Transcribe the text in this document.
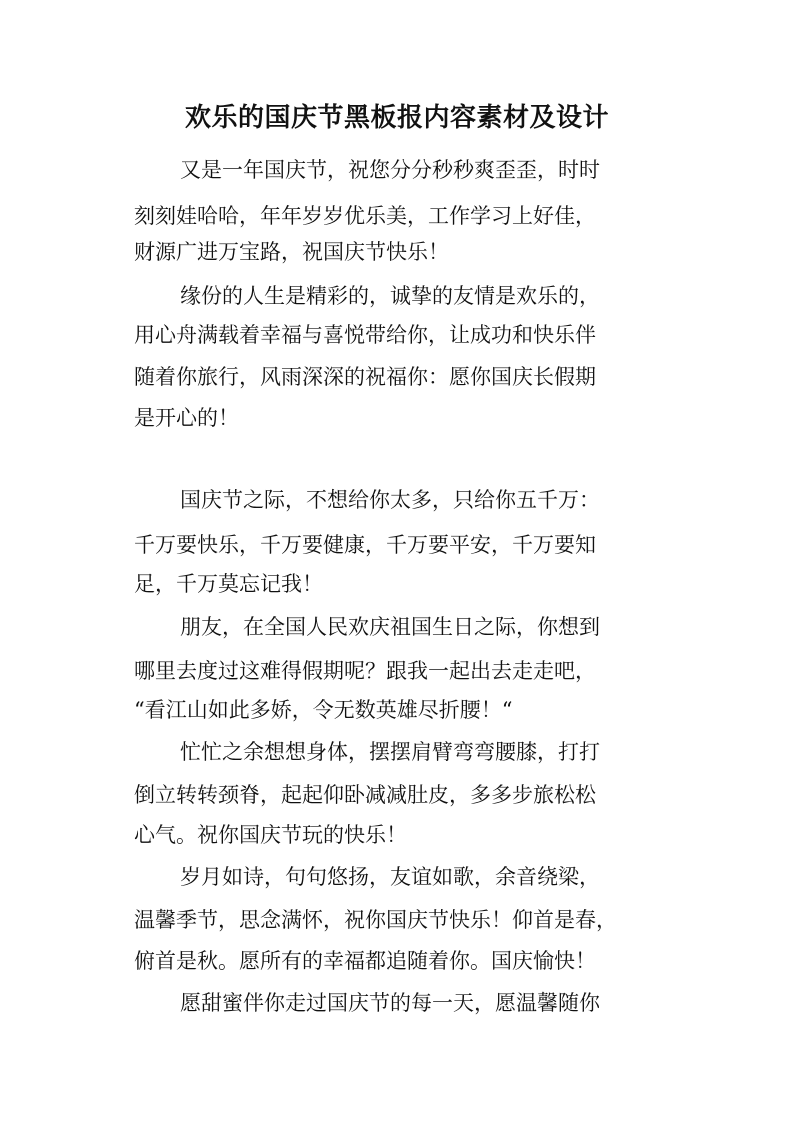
欢乐的国庆节黑板报内容素材及设计

又是一年国庆节，祝您分分秒秒爽歪歪，时时

刻刻娃哈哈，年年岁岁优乐美，工作学习上好佳，

财源广进万宝路，祝国庆节快乐！

缘份的人生是精彩的，诚挚的友情是欢乐的，

用心舟满载着幸福与喜悦带给你，让成功和快乐伴

随着你旅行，风雨深深的祝福你：愿你国庆长假期

是开心的！

国庆节之际，不想给你太多，只给你五千万：

千万要快乐，千万要健康，千万要平安，千万要知

足，千万莫忘记我！

朋友，在全国人民欢庆祖国生日之际，你想到

哪里去度过这难得假期呢？跟我一起出去走走吧，

“看江山如此多娇，令无数英雄尽折腰！“

忙忙之余想想身体，摆摆肩臂弯弯腰膝，打打

倒立转转颈脊，起起仰卧减减肚皮，多多步旅松松

心气。祝你国庆节玩的快乐！

岁月如诗，句句悠扬，友谊如歌，余音绕梁，

温馨季节，思念满怀，祝你国庆节快乐！仰首是春，

俯首是秋。愿所有的幸福都追随着你。国庆愉快！

愿甜蜜伴你走过国庆节的每一天，愿温馨随你
